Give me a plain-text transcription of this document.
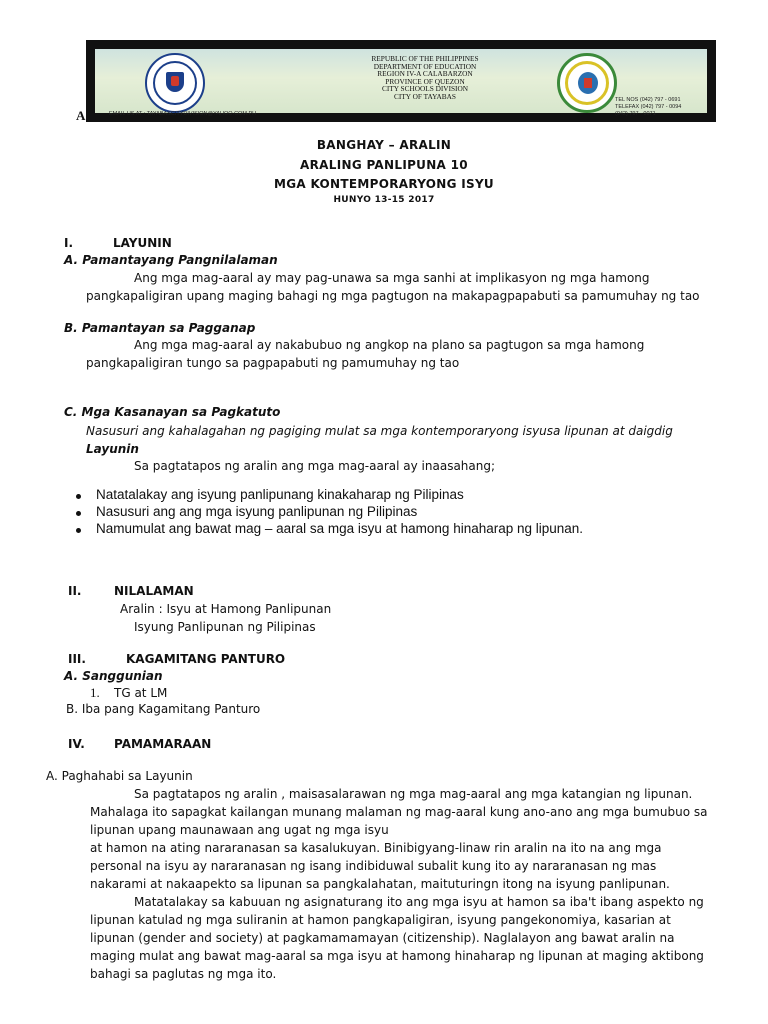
REPUBLIC OF THE PHILIPPINES
DEPARTMENT OF EDUCATION
REGION IV-A CALABARZON
PROVINCE OF QUEZON
CITY SCHOOLS DIVISION
CITY OF TAYABAS
EMAIL US AT : TAYABASCITYDIVISION@YAHOO.COM.PH
TEL NOS (042) 797 - 0691
TELEFAX (042) 797 - 0094
(042) 797 - 0071
A
BANGHAY – ARALIN
ARALING PANLIPUNA 10
MGA KONTEMPORARYONG ISYU
HUNYO 13-15 2017
I.	LAYUNIN
A. Pamantayang Pangnilalaman
Ang mga mag-aaral ay may pag-unawa sa mga sanhi at implikasyon ng mga hamong
pangkapaligiran upang maging bahagi ng mga pagtugon na makapagpapabuti sa pamumuhay ng tao
B. Pamantayan sa Pagganap
Ang mga mag-aaral ay nakabubuo ng angkop na plano sa pagtugon sa mga hamong
pangkapaligiran tungo sa pagpapabuti ng pamumuhay ng tao
C. Mga Kasanayan sa Pagkatuto
Nasusuri ang kahalagahan ng pagiging mulat sa mga kontemporaryong isyusa lipunan at daigdig
Layunin
Sa pagtatapos ng aralin ang mga mag-aaral ay inaasahang;
Natatalakay ang isyung panlipunang kinakaharap ng Pilipinas
Nasusuri ang ang mga isyung panlipunan ng Pilipinas
Namumulat ang bawat mag – aaral sa mga isyu at hamong hinaharap ng lipunan.
II.	NILALAMAN
Aralin : Isyu at Hamong Panlipunan
Isyung Panlipunan ng Pilipinas
III.	KAGAMITANG PANTURO
A. Sanggunian
1. TG at LM
B. Iba pang Kagamitang Panturo
IV. PAMAMARAAN
A. Paghahabi sa Layunin
Sa pagtatapos ng aralin , maisasalarawan ng mga mag-aaral ang mga katangian ng lipunan.
Mahalaga ito sapagkat kailangan munang malaman ng mag-aaral kung ano-ano ang mga bumubuo sa
lipunan upang maunawaan ang ugat ng mga isyu
at hamon na ating nararanasan sa kasalukuyan. Binibigyang-linaw rin aralin na ito na ang mga
personal na isyu ay nararanasan ng isang indibiduwal subalit kung ito ay nararanasan ng mas
nakarami at nakaapekto sa lipunan sa pangkalahatan, maituturingn itong na isyung panlipunan.
Matatalakay sa kabuuan ng asignaturang ito ang mga isyu at hamon sa iba't ibang aspekto ng
lipunan katulad ng mga suliranin at hamon pangkapaligiran, isyung pangekonomiya, kasarian at
lipunan (gender and society) at pagkamamamayan (citizenship). Naglalayon ang bawat aralin na
maging mulat ang bawat mag-aaral sa mga isyu at hamong hinaharap ng lipunan at maging aktibong
bahagi sa paglutas ng mga ito.
